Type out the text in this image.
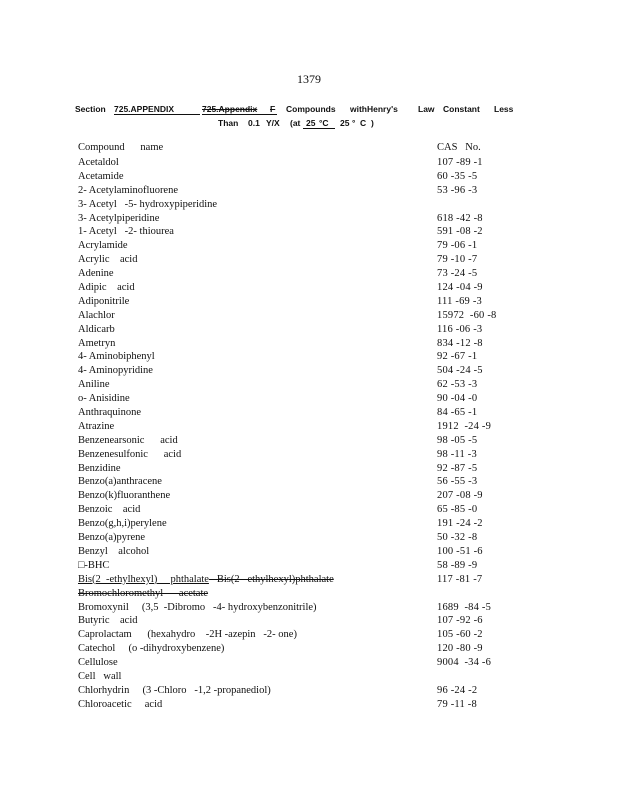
1379
Section 725.APPENDIX	725.Appendix F Compounds withHenry's Law Constant Less
Than 0.1 Y/X (at 25 °C 25 ° C )
Compound      name	CAS   No.
Acetaldol	107 -89 -1
Acetamide	60 -35 -5
2- Acetylaminofluorene	53 -96 -3
3- Acetyl   -5- hydroxypiperidine
3- Acetylpiperidine	618 -42 -8
1- Acetyl   -2- thiourea	591 -08 -2
Acrylamide	79 -06 -1
Acrylic    acid	79 -10 -7
Adenine	73 -24 -5
Adipic    acid	124 -04 -9
Adiponitrile	111 -69 -3
Alachlor	15972  -60 -8
Aldicarb	116 -06 -3
Ametryn	834 -12 -8
4- Aminobiphenyl	92 -67 -1
4- Aminopyridine	504 -24 -5
Aniline	62 -53 -3
o- Anisidine	90 -04 -0
Anthraquinone	84 -65 -1
Atrazine	1912  -24 -9
Benzenearsonic      acid	98 -05 -5
Benzenesulfonic      acid	98 -11 -3
Benzidine	92 -87 -5
Benzo(a)anthracene	56 -55 -3
Benzo(k)fluoranthene	207 -08 -9
Benzoic    acid	65 -85 -0
Benzo(g,h,i)perylene	191 -24 -2
Benzo(a)pyrene	50 -32 -8
Benzyl    alcohol	100 -51 -6
□-BHC	58 -89 -9
Bis(2  -ethylhexyl)     phthalate   Bis(2   ethylhexyl)phthalate	117 -81 -7
Bromochloromethyl      acetate
Bromoxynil     (3,5  -Dibromo   -4- hydroxybenzonitrile)	1689  -84 -5
Butyric    acid	107 -92 -6
Caprolactam      (hexahydro    -2H -azepin   -2- one)	105 -60 -2
Catechol     (o -dihydroxybenzene)	120 -80 -9
Cellulose	9004  -34 -6
Cell   wall
Chlorhydrin     (3 -Chloro   -1,2 -propanediol)	96 -24 -2
Chloroacetic     acid	79 -11 -8
